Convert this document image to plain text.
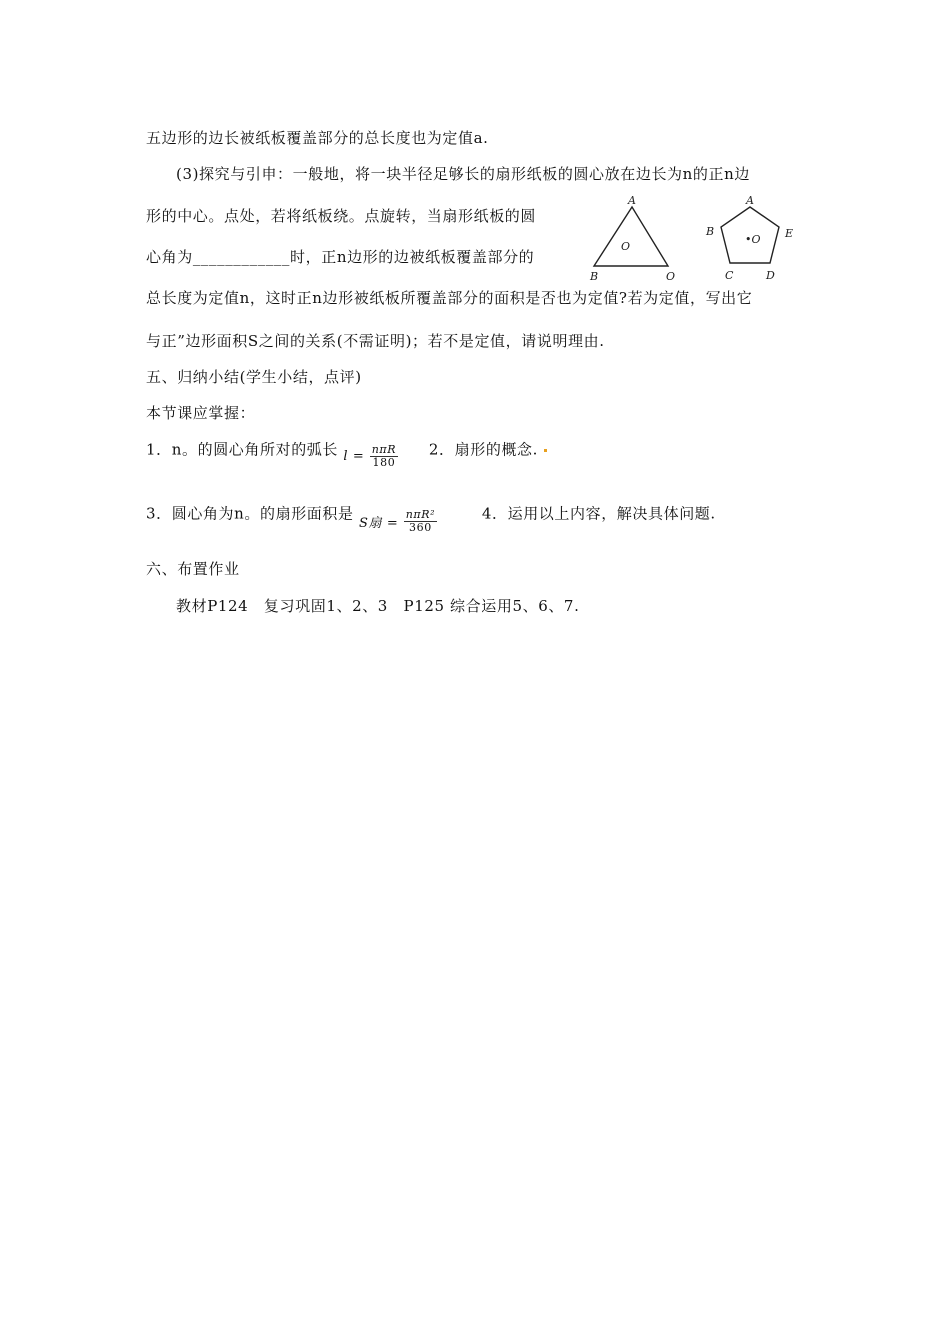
五边形的边长被纸板覆盖部分的总长度也为定值a.
(3)探究与引申：一般地，将一块半径足够长的扇形纸板的圆心放在边长为n的正n边
形的中心。点处，若将纸板绕。点旋转，当扇形纸板的圆
心角为____________时，正n边形的边被纸板覆盖部分的
A
B	O
O
A
B
C	D
E
•O
总长度为定值n，这时正n边形被纸板所覆盖部分的面积是否也为定值?若为定值，写出它
与正”边形面积S之间的关系(不需证明)；若不是定值，请说明理由.
五、归纳小结(学生小结，点评)
本节课应掌握：
1．n。的圆心角所对的弧长 $l = \frac{\text{nπR}}{180} 2$．扇形的概念.
3．圆心角为n。的扇形面积是 S扇 = $\frac{\text{nπR²}}{360}$	4．运用以上内容，解决具体问题.
六、布置作业
教材P124　复习巩固1、2、3　P125 综合运用5、6、7.
